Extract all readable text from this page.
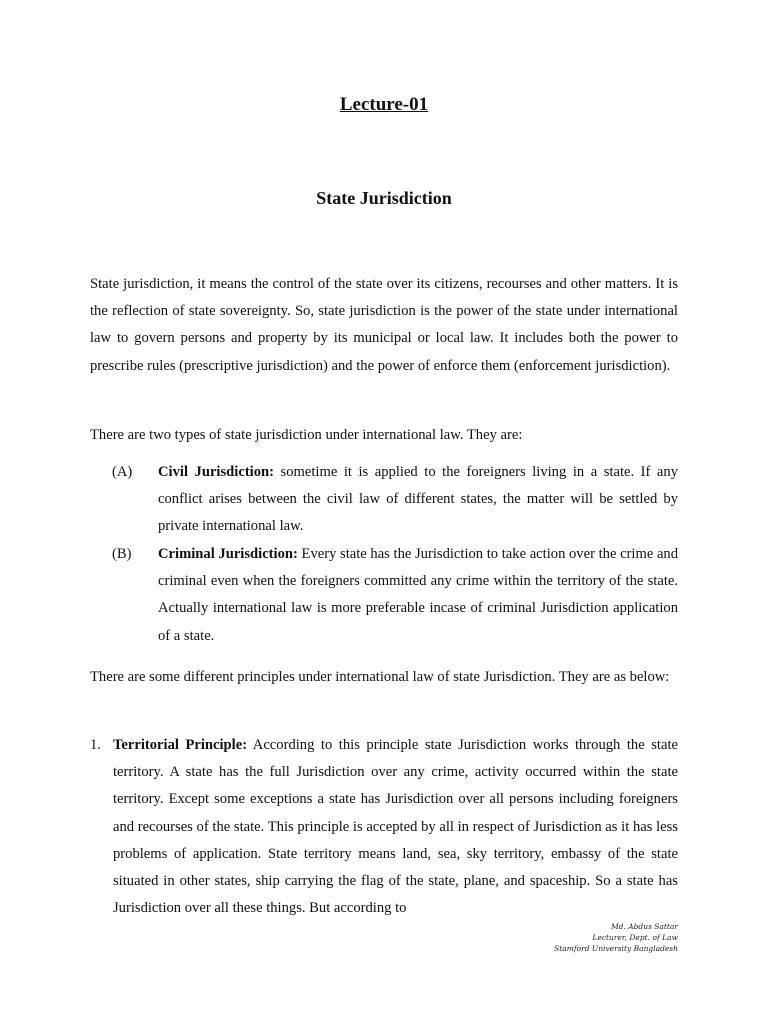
Lecture-01
State Jurisdiction

State jurisdiction, it means the control of the state over its citizens, recourses and other matters. It is the reflection of state sovereignty. So, state jurisdiction is the power of the state under international law to govern persons and property by its municipal or local law. It includes both the power to prescribe rules (prescriptive jurisdiction) and the power of enforce them (enforcement jurisdiction).

There are two types of state jurisdiction under international law. They are:

(A) Civil Jurisdiction: sometime it is applied to the foreigners living in a state. If any conflict arises between the civil law of different states, the matter will be settled by private international law.
(B) Criminal Jurisdiction: Every state has the Jurisdiction to take action over the crime and criminal even when the foreigners committed any crime within the territory of the state. Actually international law is more preferable incase of criminal Jurisdiction application of a state.

There are some different principles under international law of state Jurisdiction. They are as below:

1. Territorial Principle: According to this principle state Jurisdiction works through the state territory. A state has the full Jurisdiction over any crime, activity occurred within the state territory. Except some exceptions a state has Jurisdiction over all persons including foreigners and recourses of the state. This principle is accepted by all in respect of Jurisdiction as it has less problems of application. State territory means land, sea, sky territory, embassy of the state situated in other states, ship carrying the flag of the state, plane, and spaceship. So a state has Jurisdiction over all these things. But according to
Md. Abdus Sattar
Lecturer, Dept. of Law
Stamford University Bangladesh
